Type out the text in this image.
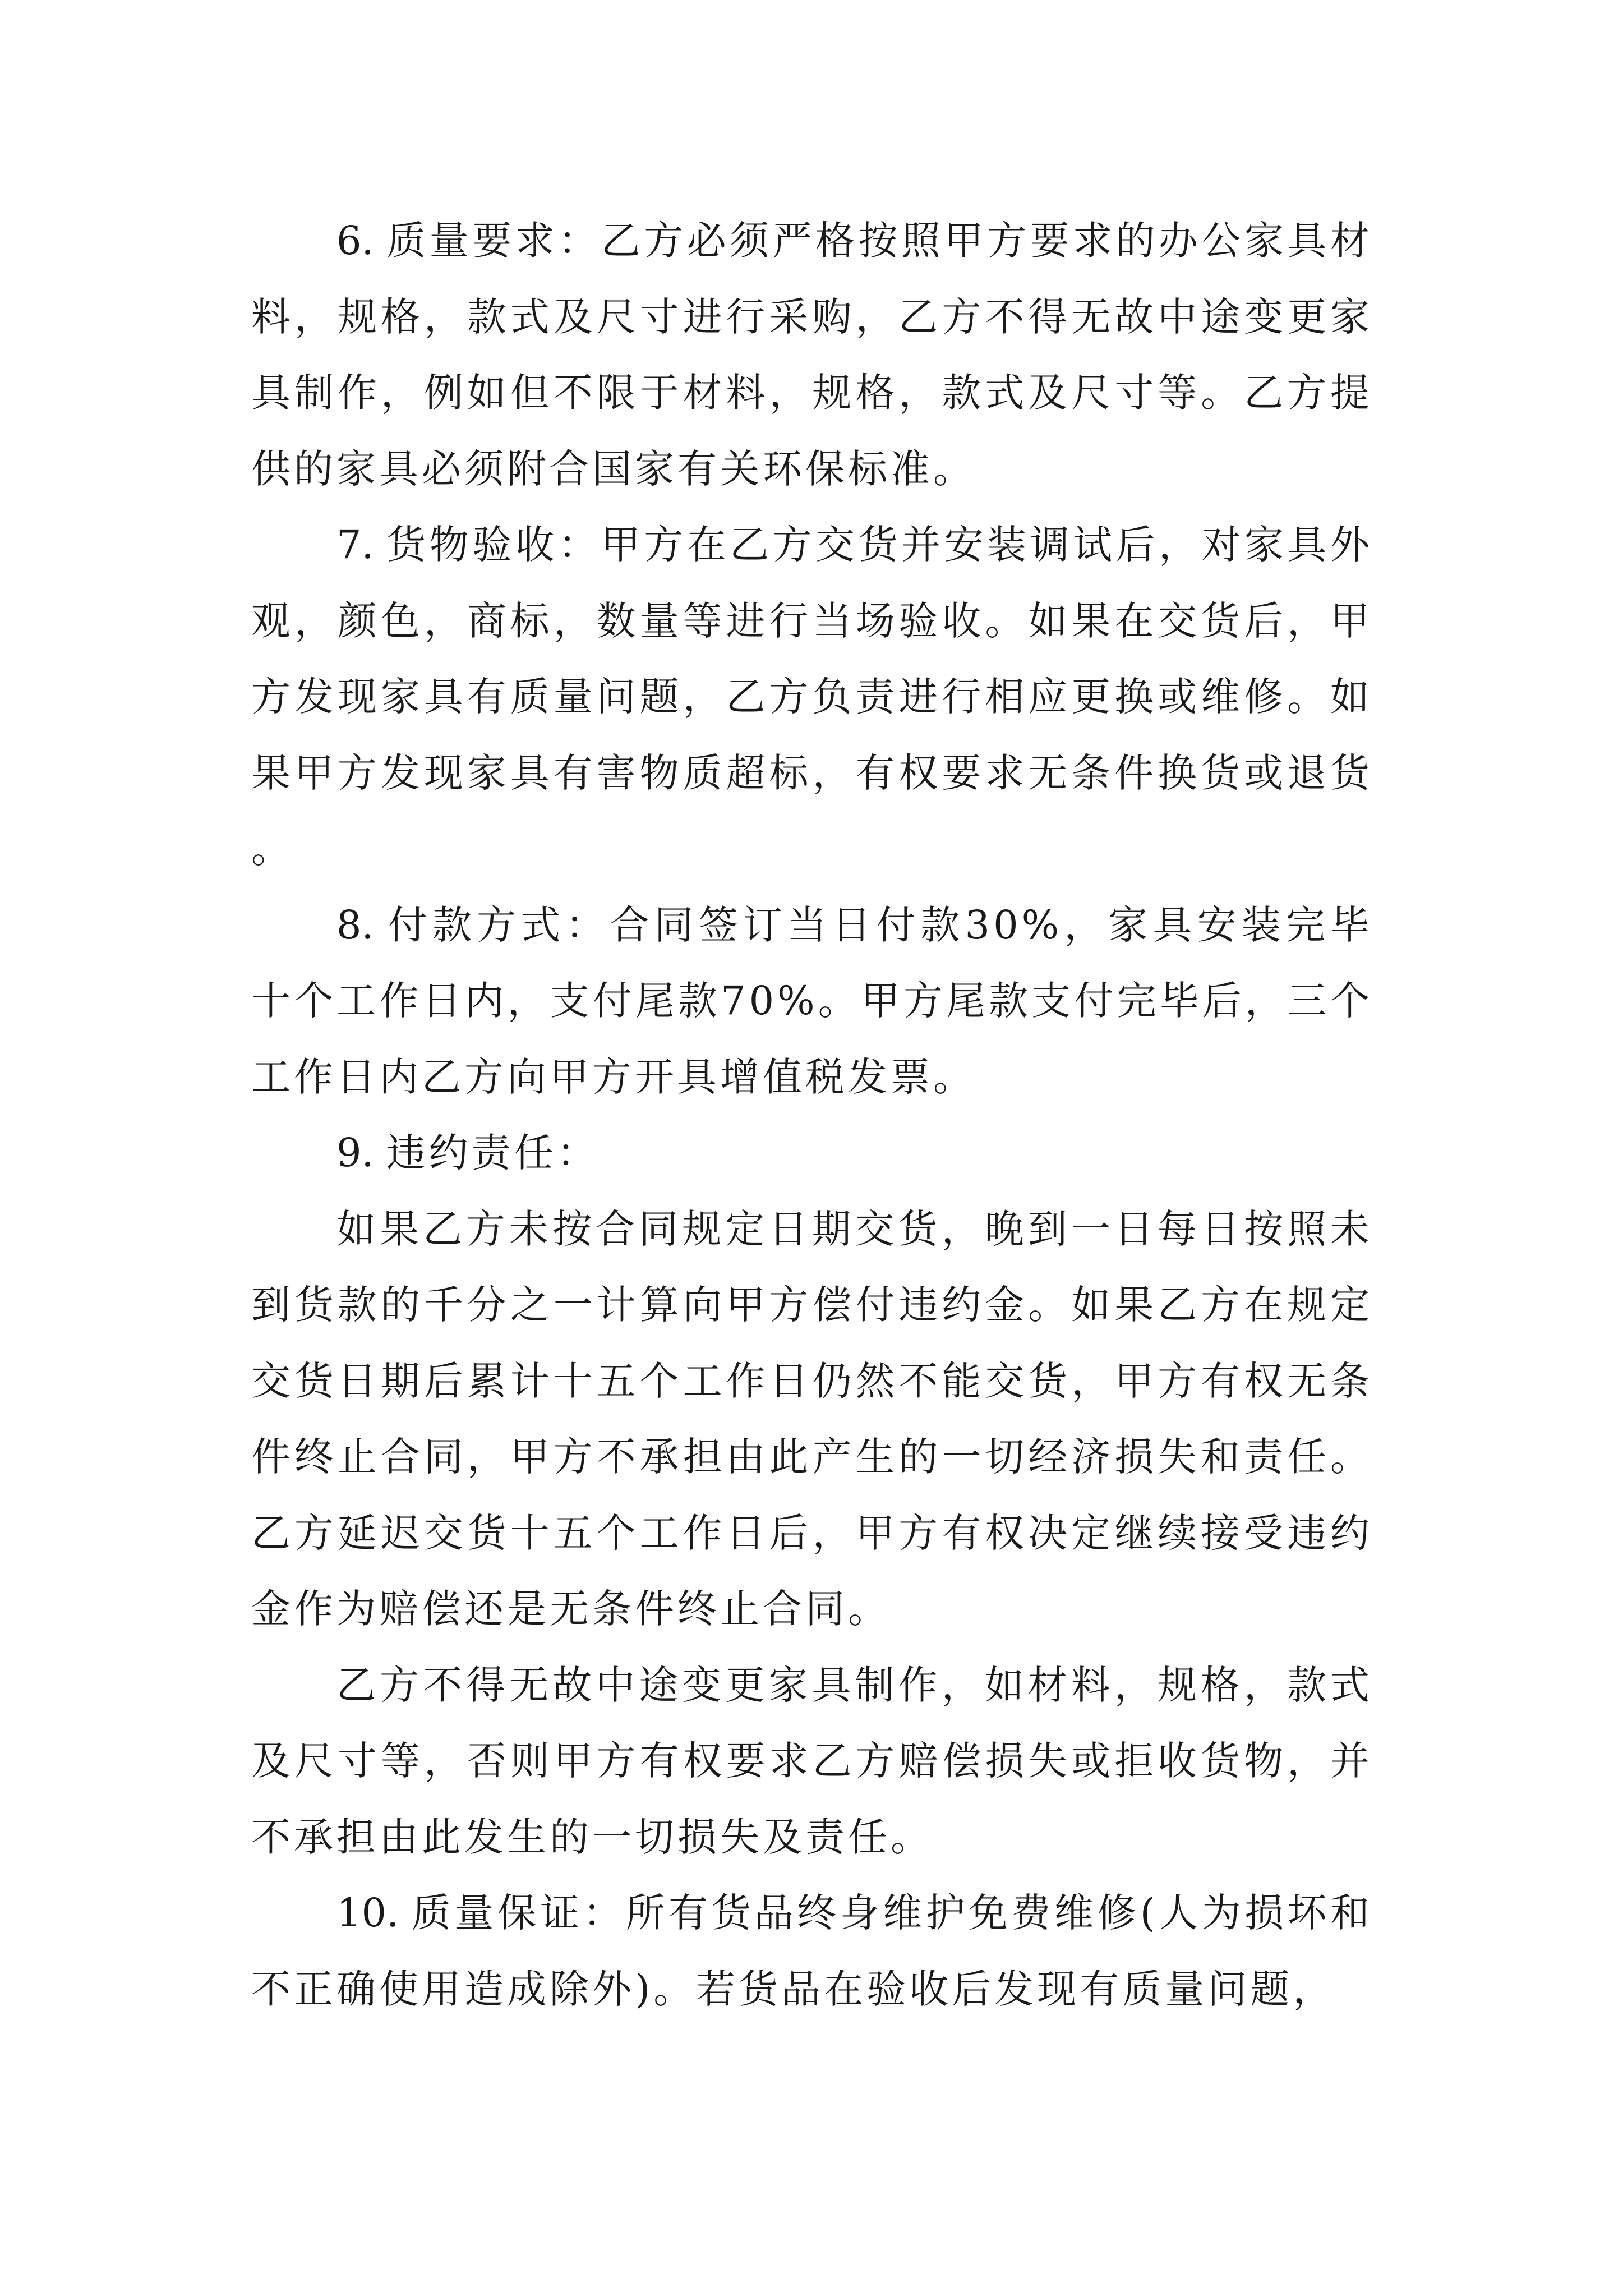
6. 质量要求：乙方必须严格按照甲方要求的办公家具材料，规格，款式及尺寸进行采购，乙方不得无故中途变更家具制作，例如但不限于材料，规格，款式及尺寸等。乙方提供的家具必须附合国家有关环保标准。

7. 货物验收：甲方在乙方交货并安装调试后，对家具外观，颜色，商标，数量等进行当场验收。如果在交货后，甲方发现家具有质量问题，乙方负责进行相应更换或维修。如果甲方发现家具有害物质超标，有权要求无条件换货或退货。

8. 付款方式：合同签订当日付款30%，家具安装完毕十个工作日内，支付尾款70%。甲方尾款支付完毕后，三个工作日内乙方向甲方开具增值税发票。

9. 违约责任：

如果乙方未按合同规定日期交货，晚到一日每日按照未到货款的千分之一计算向甲方偿付违约金。如果乙方在规定交货日期后累计十五个工作日仍然不能交货，甲方有权无条件终止合同，甲方不承担由此产生的一切经济损失和责任。乙方延迟交货十五个工作日后，甲方有权决定继续接受违约金作为赔偿还是无条件终止合同。

乙方不得无故中途变更家具制作，如材料，规格，款式及尺寸等，否则甲方有权要求乙方赔偿损失或拒收货物，并不承担由此发生的一切损失及责任。

10. 质量保证：所有货品终身维护免费维修(人为损坏和不正确使用造成除外)。若货品在验收后发现有质量问题，
